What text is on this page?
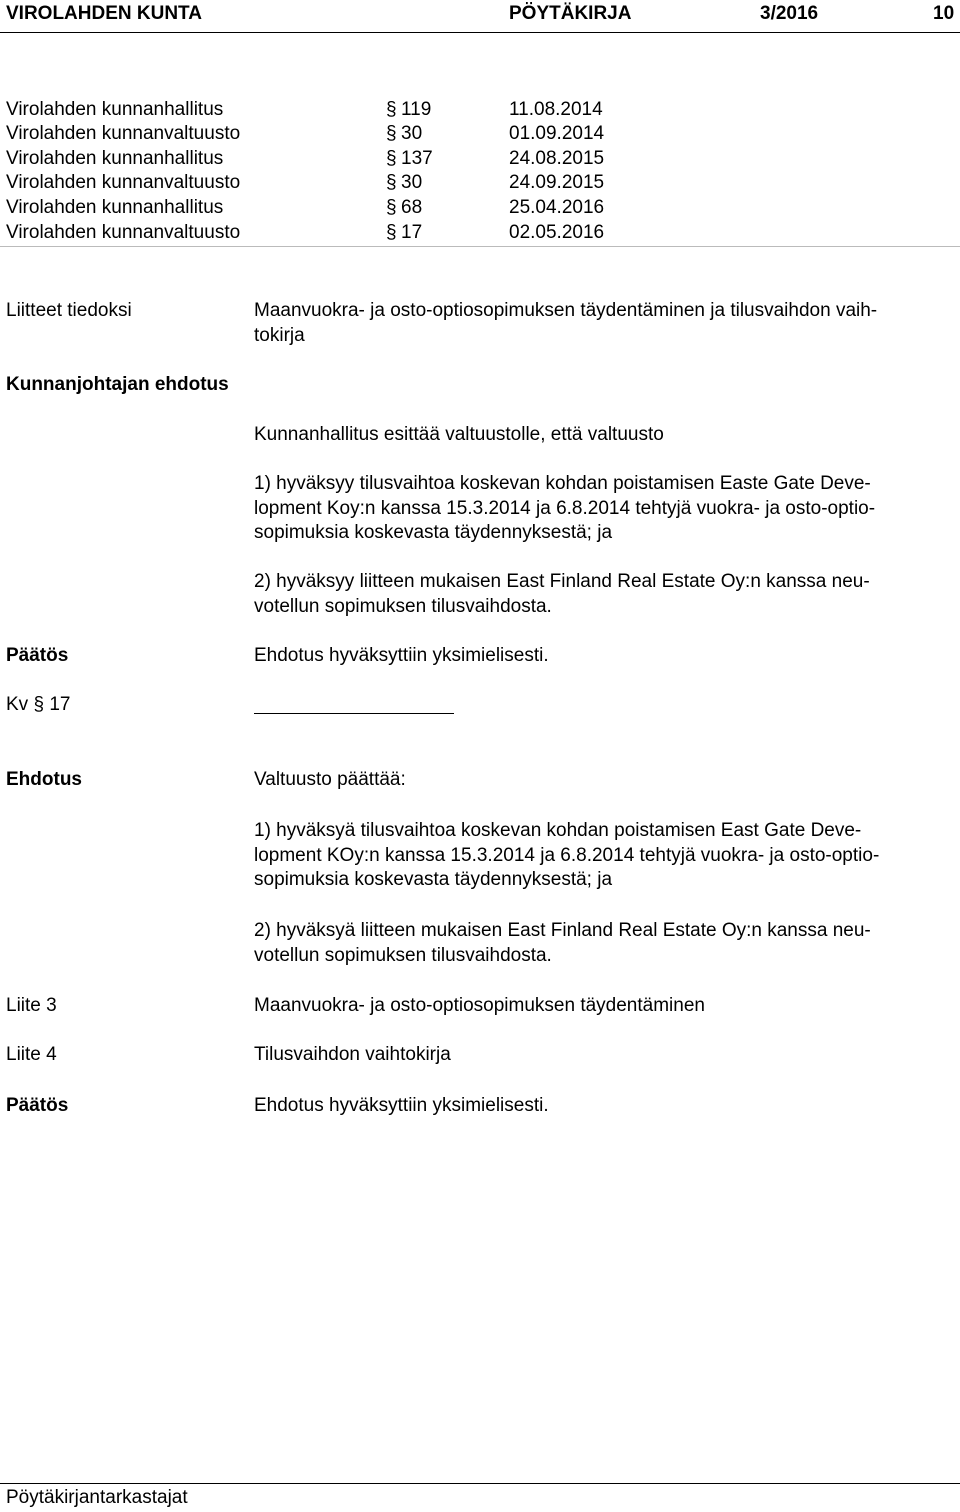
VIROLAHDEN KUNTA	PÖYTÄKIRJA	3/2016	10
Virolahden kunnanhallitus	§ 119	11.08.2014
Virolahden kunnanvaltuusto	§ 30	01.09.2014
Virolahden kunnanhallitus	§ 137	24.08.2015
Virolahden kunnanvaltuusto	§ 30	24.09.2015
Virolahden kunnanhallitus	§ 68	25.04.2016
Virolahden kunnanvaltuusto	§ 17	02.05.2016
Liitteet tiedoksi	Maanvuokra- ja osto-optiosopimuksen täydentäminen ja tilusvaihdon vaih-
tokirja
Kunnanjohtajan ehdotus
Kunnanhallitus esittää valtuustolle, että valtuusto
1) hyväksyy tilusvaihtoa koskevan kohdan poistamisen Easte Gate Deve-
lopment Koy:n kanssa 15.3.2014 ja 6.8.2014 tehtyjä vuokra- ja osto-optio-
sopimuksia koskevasta täydennyksestä; ja
2) hyväksyy liitteen mukaisen East Finland Real Estate Oy:n kanssa neu-
votellun sopimuksen tilusvaihdosta.
Päätös	Ehdotus hyväksyttiin yksimielisesti.
Kv § 17
Ehdotus	Valtuusto päättää:
1) hyväksyä tilusvaihtoa koskevan kohdan poistamisen East Gate Deve-
lopment KOy:n kanssa 15.3.2014 ja 6.8.2014 tehtyjä vuokra- ja osto-optio-
sopimuksia koskevasta täydennyksestä; ja
2) hyväksyä liitteen mukaisen East Finland Real Estate Oy:n kanssa neu-
votellun sopimuksen tilusvaihdosta.
Liite 3	Maanvuokra- ja osto-optiosopimuksen täydentäminen
Liite 4	Tilusvaihdon vaihtokirja
Päätös	Ehdotus hyväksyttiin yksimielisesti.
Pöytäkirjantarkastajat
